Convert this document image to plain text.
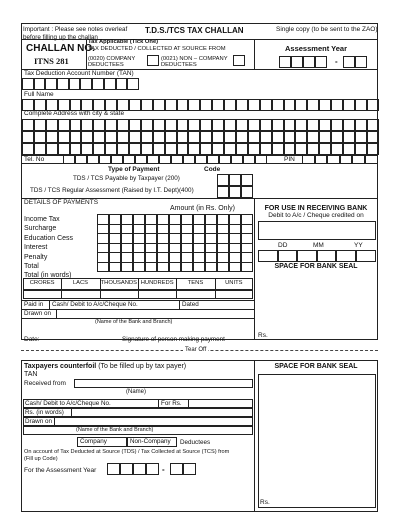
Important : Please see notes overleaf before filling up the challan
T.D.S./TCS TAX CHALLAN	Single copy (to be sent to the ZAO)
CHALLAN NO.
ITNS 281
Tax Applicable (Tick One)
TAX DEDUCTED / COLLECTED AT SOURCE FROM
(0020) COMPANY DEDUCTEES
(0021) NON – COMPANY DEDUCTEES
Assessment Year
-
Tax Deduction Account Number (TAN)
Full Name
Complete Address with city & state
Tel. No	PIN
Type of Payment	Code
TDS / TCS Payable by Taxpayer (200)
TDS / TCS Regular Assessment (Raised by I.T. Dept)(400)
DETAILS OF PAYMENTS
Amount (in Rs. Only)
Income Tax
Surcharge
Education Cess
Interest
Penalty
Total
Total (in words)
CRORES	LACS	THOUSANDS HUNDREDS	TENS	UNITS
Paid in Cash/ Debit to A/c/Cheque No.	Dated
Drawn on
(Name of the Bank and Branch)
Date:	Signature of person making payment
FOR USE IN RECEIVING BANK
Debit to A/c / Cheque credited on
DD	MM	YY
SPACE FOR BANK SEAL
Rs.
Tear Off
Taxpayers counterfoil (To be filled up by tax payer)
TAN
Received from
(Name)
Cash/ Debit to A/c/Cheque No.	For Rs.
Rs. (in words)
Drawn on
(Name of the Bank and Branch)
Company	Non-Company Deductees
On account of Tax Deducted at Source (TDS) / Tax Collected at Source (TCS) from
(Fill up Code)
For the Assessment Year	-
SPACE FOR BANK SEAL
Rs.
